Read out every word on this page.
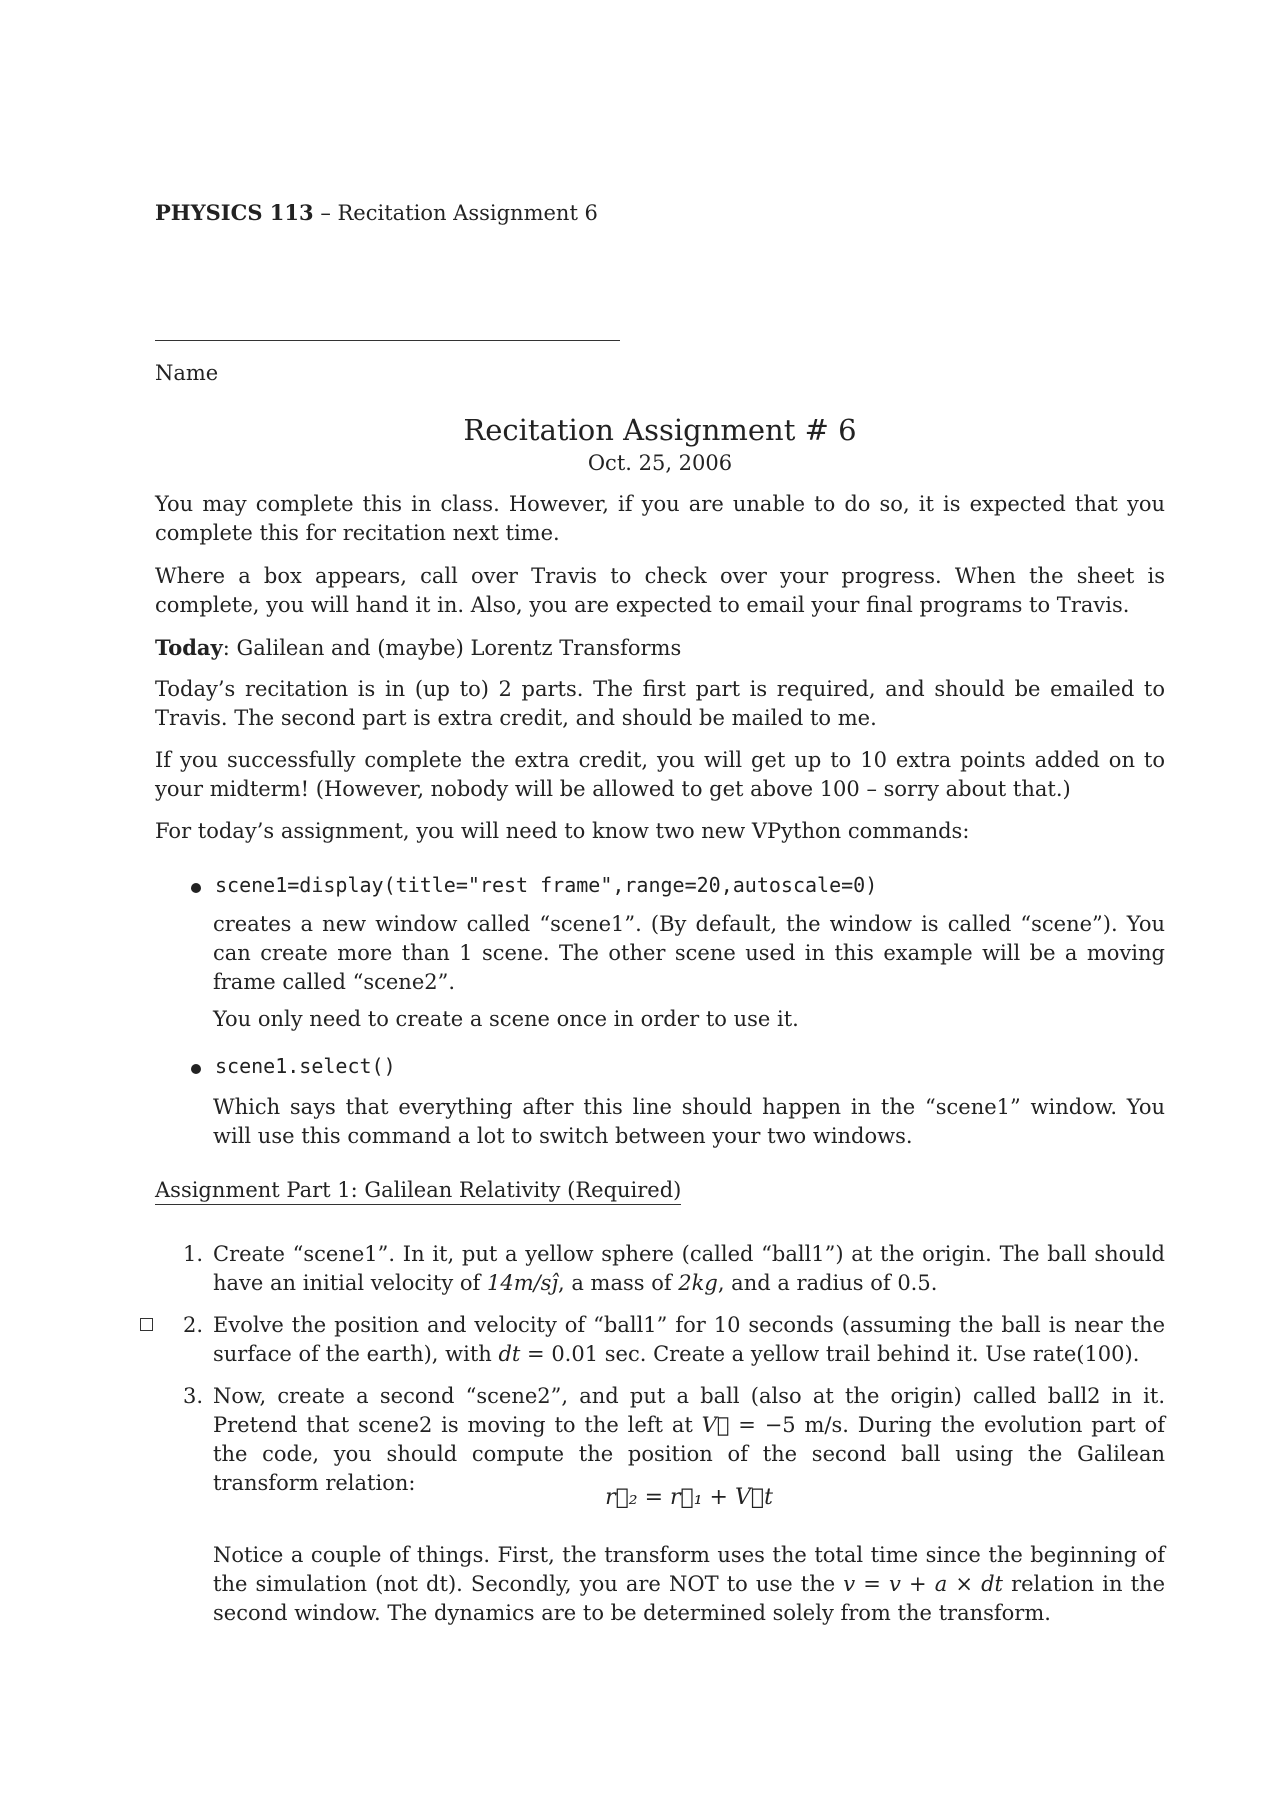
PHYSICS 113 – Recitation Assignment 6
Name
Recitation Assignment # 6
Oct. 25, 2006

You may complete this in class. However, if you are unable to do so, it is expected that you complete this for recitation next time.

Where a box appears, call over Travis to check over your progress. When the sheet is complete, you will hand it in. Also, you are expected to email your final programs to Travis.

Today: Galilean and (maybe) Lorentz Transforms

Today’s recitation is in (up to) 2 parts. The first part is required, and should be emailed to Travis. The second part is extra credit, and should be mailed to me.

If you successfully complete the extra credit, you will get up to 10 extra points added on to your midterm! (However, nobody will be allowed to get above 100 – sorry about that.)

For today’s assignment, you will need to know two new VPython commands:

scene1=display(title="rest frame",range=20,autoscale=0)

creates a new window called “scene1”. (By default, the window is called “scene”). You can create more than 1 scene. The other scene used in this example will be a moving frame called “scene2”.

You only need to create a scene once in order to use it.

scene1.select()

Which says that everything after this line should happen in the “scene1” window. You will use this command a lot to switch between your two windows.

Assignment Part 1: Galilean Relativity (Required)
1. Create “scene1”. In it, put a yellow sphere (called “ball1”) at the origin. The ball should have an initial velocity of 14m/sĵ, a mass of 2kg, and a radius of 0.5.
2. Evolve the position and velocity of “ball1” for 10 seconds (assuming the ball is near the surface of the earth), with dt = 0.01 sec. Create a yellow trail behind it. Use rate(100).
3. Now, create a second “scene2”, and put a ball (also at the origin) called ball2 in it. Pretend that scene2 is moving to the left at V⃗ = −5 m/s. During the evolution part of the code, you should compute the position of the second ball using the Galilean transform relation:
r⃗₂ = r⃗₁ + V⃗t
Notice a couple of things. First, the transform uses the total time since the beginning of the simulation (not dt). Secondly, you are NOT to use the v = v + a × dt relation in the second window. The dynamics are to be determined solely from the transform.
